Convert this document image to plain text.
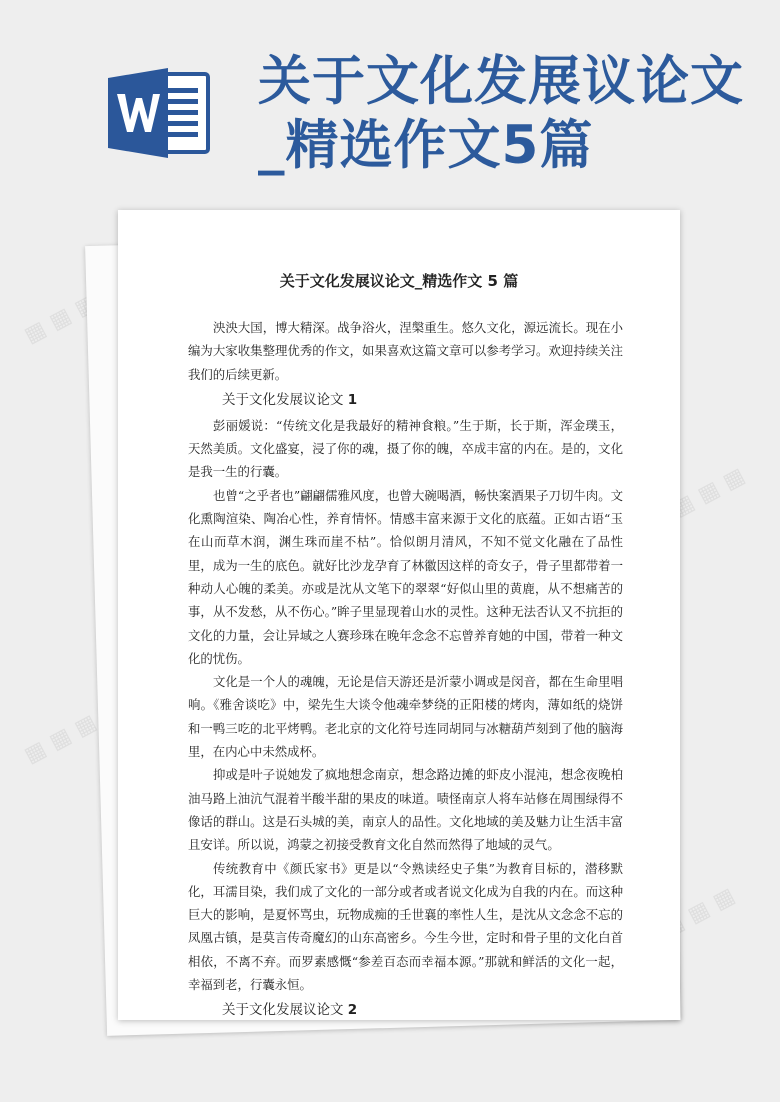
关于文化发展议论文_精选作文5篇
▦ ▦ ▦ ▦
▦ ▦ ▦
▦ ▦ ▦ ▦
▦ ▦ ▦
关于文化发展议论文_精选作文 5 篇

泱泱大国，博大精深。战争浴火，涅槃重生。悠久文化，源远流长。现在小编为大家收集整理优秀的作文，如果喜欢这篇文章可以参考学习。欢迎持续关注我们的后续更新。

关于文化发展议论文 1

彭丽媛说：“传统文化是我最好的精神食粮。”生于斯，长于斯，浑金璞玉，天然美质。文化盛宴，浸了你的魂，摄了你的魄，卒成丰富的内在。是的，文化是我一生的行囊。

也曾“之乎者也”翩翩儒雅风度，也曾大碗喝酒，畅快案酒果子刀切牛肉。文化熏陶渲染、陶冶心性，养育情怀。情感丰富来源于文化的底蕴。正如古语“玉在山而草木润，渊生珠而崖不枯”。恰似朗月清风，不知不觉文化融在了品性里，成为一生的底色。就好比沙龙孕育了林徽因这样的奇女子，骨子里都带着一种动人心魄的柔美。亦或是沈从文笔下的翠翠“好似山里的黄鹿，从不想痛苦的事，从不发愁，从不伤心。”眸子里显现着山水的灵性。这种无法否认又不抗拒的文化的力量，会让异域之人赛珍珠在晚年念念不忘曾养育她的中国，带着一种文化的忧伤。

文化是一个人的魂魄，无论是信天游还是沂蒙小调或是闵音，都在生命里唱响。《雅舍谈吃》中，梁先生大谈令他魂牵梦绕的正阳楼的烤肉，薄如纸的烧饼和一鸭三吃的北平烤鸭。老北京的文化符号连同胡同与冰糖葫芦刻到了他的脑海里，在内心中未然成杯。

抑或是叶子说她发了疯地想念南京，想念路边摊的虾皮小混沌，想念夜晚柏油马路上油沆气混着半酸半甜的果皮的味道。啧怪南京人将车站修在周围绿得不像话的群山。这是石头城的美，南京人的品性。文化地域的美及魅力让生活丰富且安详。所以说，鸿蒙之初接受教育文化自然而然得了地域的灵气。

传统教育中《颜氏家书》更是以“令熟读经史子集”为教育目标的，潜移默化，耳濡目染，我们成了文化的一部分或者或者说文化成为自我的内在。而这种巨大的影响，是夏怀骂虫，玩物成痴的壬世襄的率性人生，是沈从文念念不忘的凤凰古镇，是莫言传奇魔幻的山东高密乡。今生今世，定时和骨子里的文化白首相依，不离不弃。而罗素感慨“参差百态而幸福本源。”那就和鲜活的文化一起，幸福到老，行囊永恒。

关于文化发展议论文 2
